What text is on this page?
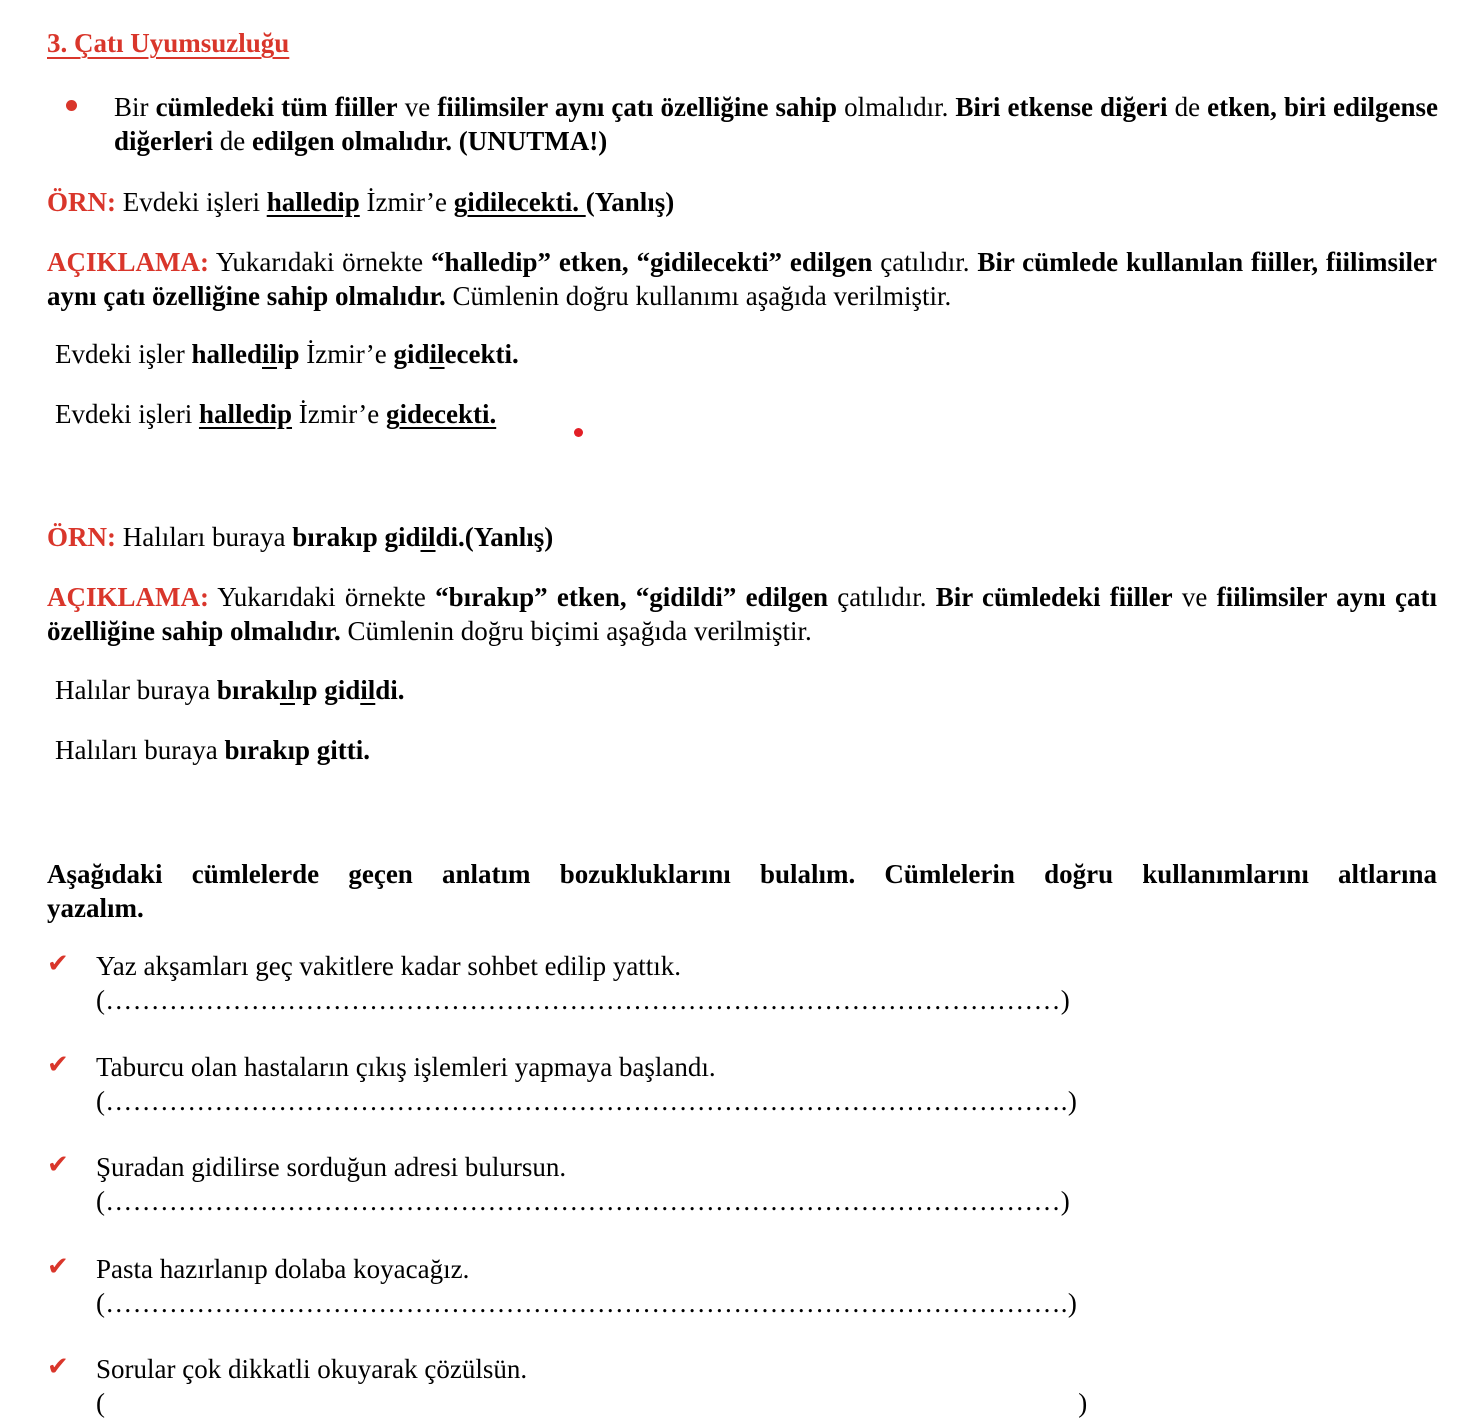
3. Çatı Uyumsuzluğu
Bir cümledeki tüm fiiller ve fiilimsiler aynı çatı özelliğine sahip olmalıdır. Biri etkense diğeri de etken, biri edilgense diğerleri de edilgen olmalıdır. (UNUTMA!)
ÖRN: Evdeki işleri halledip İzmir’e gidilecekti. (Yanlış)
AÇIKLAMA: Yukarıdaki örnekte “halledip” etken, “gidilecekti” edilgen çatılıdır. Bir cümlede kullanılan fiiller, fiilimsiler aynı çatı özelliğine sahip olmalıdır. Cümlenin doğru kullanımı aşağıda verilmiştir.
Evdeki işler halledilip İzmir’e gidilecekti.
Evdeki işleri halledip İzmir’e gidecekti.
ÖRN: Halıları buraya bırakıp gidildi.(Yanlış)
AÇIKLAMA: Yukarıdaki örnekte “bırakıp” etken, “gidildi” edilgen çatılıdır. Bir cümledeki fiiller ve fiilimsiler aynı çatı özelliğine sahip olmalıdır. Cümlenin doğru biçimi aşağıda verilmiştir.
Halılar buraya bırakılıp gidildi.
Halıları buraya bırakıp gitti.
Aşağıdaki cümlelerde geçen anlatım bozukluklarını bulalım. Cümlelerin doğru kullanımlarını altlarına yazalım.
✔ Yaz akşamları geç vakitlere kadar sohbet edilip yattık.
(……………………………………………………………………………………………)
✔ Taburcu olan hastaların çıkış işlemleri yapmaya başlandı.
(…………………………………………………………………………………………….)
✔ Şuradan gidilirse sorduğun adresi bulursun.
(……………………………………………………………………………………………)
✔ Pasta hazırlanıp dolaba koyacağız.
(…………………………………………………………………………………………….)
✔ Sorular çok dikkatli okuyarak çözülsün.
(                                                                                                                                          )
